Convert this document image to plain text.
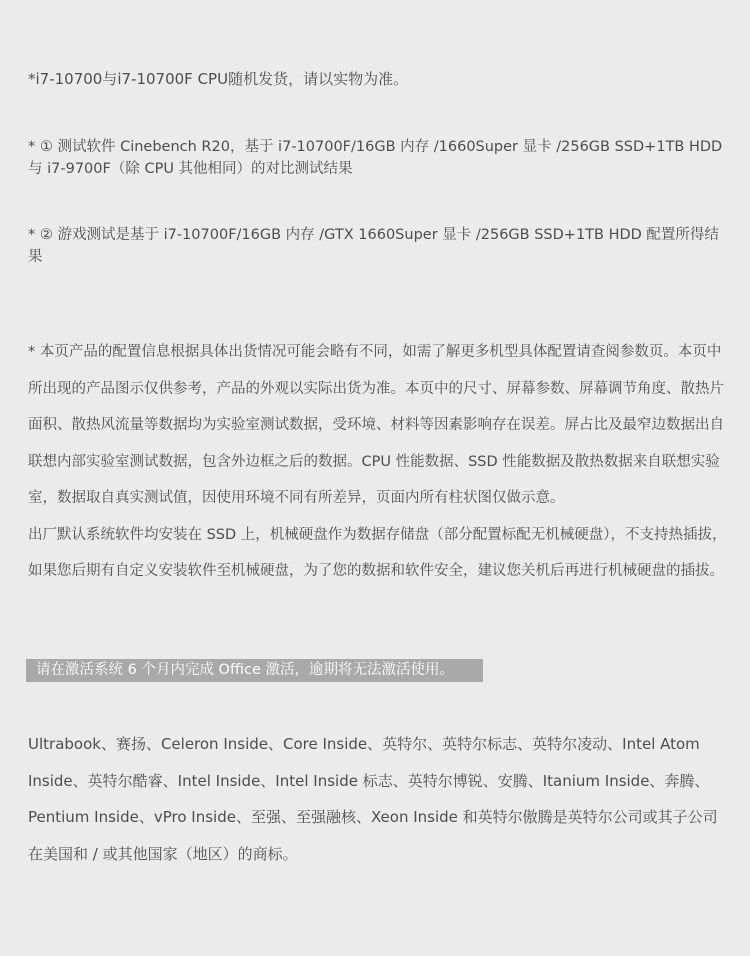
*i7-10700与i7-10700F CPU随机发货，请以实物为准。

* ① 测试软件 Cinebench R20，基于 i7-10700F/16GB 内存 /1660Super 显卡 /256GB SSD+1TB HDD 与 i7-9700F（除 CPU 其他相同）的对比测试结果

* ② 游戏测试是基于 i7-10700F/16GB 内存 /GTX 1660Super 显卡 /256GB SSD+1TB HDD 配置所得结果

* 本页产品的配置信息根据具体出货情况可能会略有不同，如需了解更多机型具体配置请查阅参数页。本页中所出现的产品图示仅供参考，产品的外观以实际出货为准。本页中的尺寸、屏幕参数、屏幕调节角度、散热片面积、散热风流量等数据均为实验室测试数据，受环境、材料等因素影响存在误差。屏占比及最窄边数据出自联想内部实验室测试数据，包含外边框之后的数据。CPU 性能数据、SSD 性能数据及散热数据来自联想实验室，数据取自真实测试值，因使用环境不同有所差异，页面内所有柱状图仅做示意。

出厂默认系统软件均安装在 SSD 上，机械硬盘作为数据存储盘（部分配置标配无机械硬盘），不支持热插拔，如果您后期有自定义安装软件至机械硬盘，为了您的数据和软件安全，建议您关机后再进行机械硬盘的插拔。

请在激活系统 6 个月内完成 Office 激活，逾期将无法激活使用。

Ultrabook、赛扬、Celeron Inside、Core Inside、英特尔、英特尔标志、英特尔凌动、Intel Atom Inside、英特尔酷睿、Intel Inside、Intel Inside 标志、英特尔博锐、安腾、Itanium Inside、奔腾、Pentium Inside、vPro Inside、至强、至强融核、Xeon Inside 和英特尔傲腾是英特尔公司或其子公司在美国和 / 或其他国家（地区）的商标。
